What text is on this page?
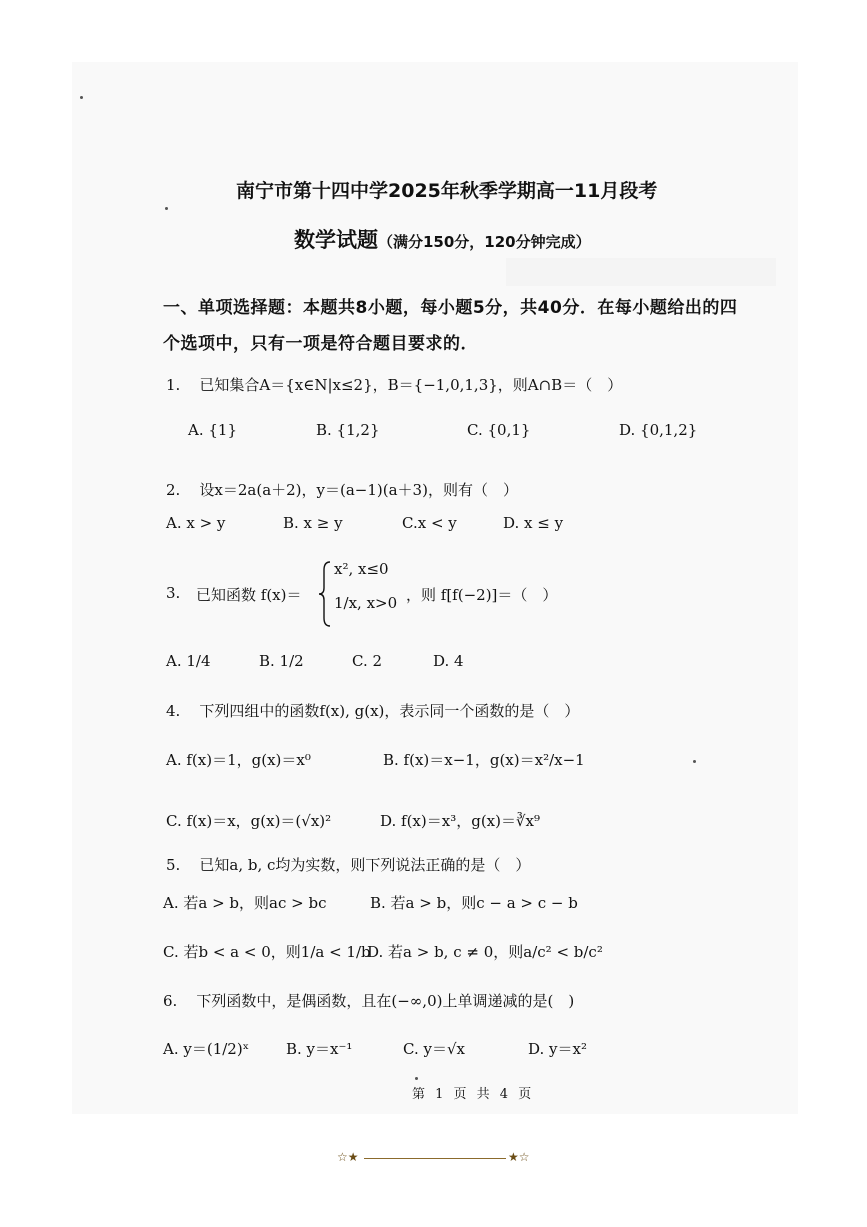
南宁市第十四中学2025年秋季学期高一11月段考
数学试题（满分150分，120分钟完成）
一、单项选择题：本题共8小题，每小题5分，共40分．在每小题给出的四
个选项中，只有一项是符合题目要求的．
1. 已知集合A＝{x∈N|x≤2}，B＝{−1,0,1,3}，则A∩B＝（　）
A. {1}	B. {1,2}	C. {0,1}	D. {0,1,2}
2. 设x＝2a(a＋2)，y＝(a−1)(a＋3)，则有（　）
A. x > y	B. x ≥ y	C.x < y	D. x ≤ y
3. 已知函数 f(x)＝
x², x≤0
1/x, x>0 ，则 f[f(−2)]＝（　）
A. 1/4	B. 1/2	C. 2	D. 4
4. 下列四组中的函数f(x), g(x)，表示同一个函数的是（　）
A. f(x)＝1，g(x)＝x⁰	B. f(x)＝x−1，g(x)＝x²/x−1
C. f(x)＝x，g(x)＝(√x)²	D. f(x)＝x³，g(x)＝∛x⁹
5. 已知a, b, c均为实数，则下列说法正确的是（　）
A. 若a > b，则ac > bc	B. 若a > b，则c − a > c − b
C. 若b < a < 0，则1/a < 1/b
D. 若a > b, c ≠ 0，则a/c² < b/c²
6. 下列函数中，是偶函数，且在(−∞,0)上单调递减的是(　)
A. y＝(1/2)ˣ B. y＝x⁻¹	C. y＝√x	D. y＝x²
第 1 页 共 4 页
☆★	★☆
